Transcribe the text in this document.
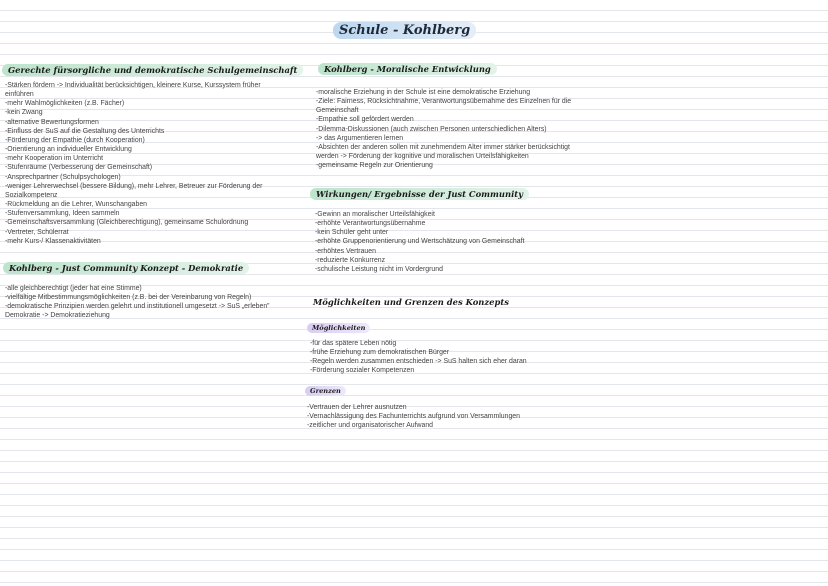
Schule - Kohlberg
Gerechte fürsorgliche und demokratische Schulgemeinschaft
-Stärken fördern -> Individualität berücksichtigen, kleinere Kurse, Kurssystem früher
einführen
-mehr Wahlmöglichkeiten (z.B. Fächer)
-kein Zwang
-alternative Bewertungsformen
-Einfluss der SuS auf die Gestaltung des Unterrichts
-Förderung der Empathie (durch Kooperation)
-Orientierung an individueller Entwicklung
-mehr Kooperation im Unterricht
-Stufenräume (Verbesserung der Gemeinschaft)
-Ansprechpartner (Schulpsychologen)
-weniger Lehrerwechsel (bessere Bildung), mehr Lehrer, Betreuer zur Förderung der
Sozialkompetenz
-Rückmeldung an die Lehrer, Wunschangaben
-Stufenversammlung, Ideen sammeln
-Gemeinschaftsversammlung (Gleichberechtigung), gemeinsame Schulordnung
-Vertreter, Schülerrat
-mehr Kurs-/ Klassenaktivitäten
Kohlberg - Just Community Konzept - Demokratie
-alle gleichberechtigt (jeder hat eine Stimme)
-vielfältige Mitbestimmungsmöglichkeiten (z.B. bei der Vereinbarung von Regeln)
-demokratische Prinzipien werden gelehrt und institutionell umgesetzt -> SuS „erleben”
Demokratie -> Demokratieziehung
Kohlberg - Moralische Entwicklung
-moralische Erziehung in der Schule ist eine demokratische Erziehung
-Ziele: Fairness, Rücksichtnahme, Verantwortungsübernahme des Einzelnen für die
Gemeinschaft
-Empathie soll gefördert werden
-Dilemma-Diskussionen (auch zwischen Personen unterschiedlichen Alters)
-> das Argumentieren lernen
-Absichten der anderen sollen mit zunehmendem Alter immer stärker berücksichtigt
werden -> Förderung der kognitive und moralischen Urteilsfähigkeiten
-gemeinsame Regeln zur Orientierung
Wirkungen/ Ergebnisse der Just Community
-Gewinn an moralischer Urteilsfähigkeit
-erhöhte Verantwortungsübernahme
-kein Schüler geht unter
-erhöhte Gruppenorientierung und Wertschätzung von Gemeinschaft
-erhöhtes Vertrauen
-reduzierte Konkurrenz
-schulische Leistung nicht im Vordergrund
Möglichkeiten und Grenzen des Konzepts
Möglichkeiten
-für das spätere Leben nötig
-frühe Erziehung zum demokratischen Bürger
-Regeln werden zusammen entschieden -> SuS halten sich eher daran
-Förderung sozialer Kompetenzen
Grenzen
-Vertrauen der Lehrer ausnutzen
-Vernachlässigung des Fachunterrichts aufgrund von Versammlungen
-zeitlicher und organisatorischer Aufwand
